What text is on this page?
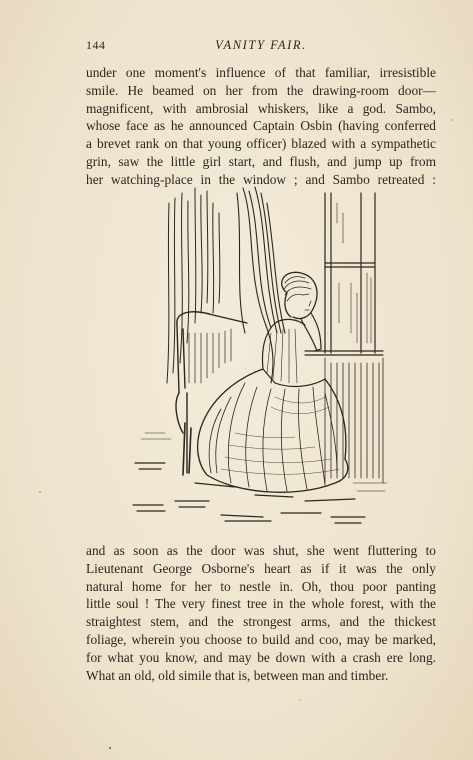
144	VANITY FAIR.
under one moment's influence of that familiar, irresistible
smile. He beamed on her from the drawing-room door—
magnificent, with ambrosial whiskers, like a god. Sambo,
whose face as he announced Captain Osbin (having conferred
a brevet rank on that young officer) blazed with a sympathetic
grin, saw the little girl start, and flush, and jump up from
her watching-place in the window ; and Sambo retreated :
and as soon as the door was shut, she went fluttering to
Lieutenant George Osborne's heart as if it was the only
natural home for her to nestle in. Oh, thou poor panting
little soul ! The very finest tree in the whole forest, with the
straightest stem, and the strongest arms, and the thickest
foliage, wherein you choose to build and coo, may be marked,
for what you know, and may be down with a crash ere long.
What an old, old simile that is, between man and timber.
